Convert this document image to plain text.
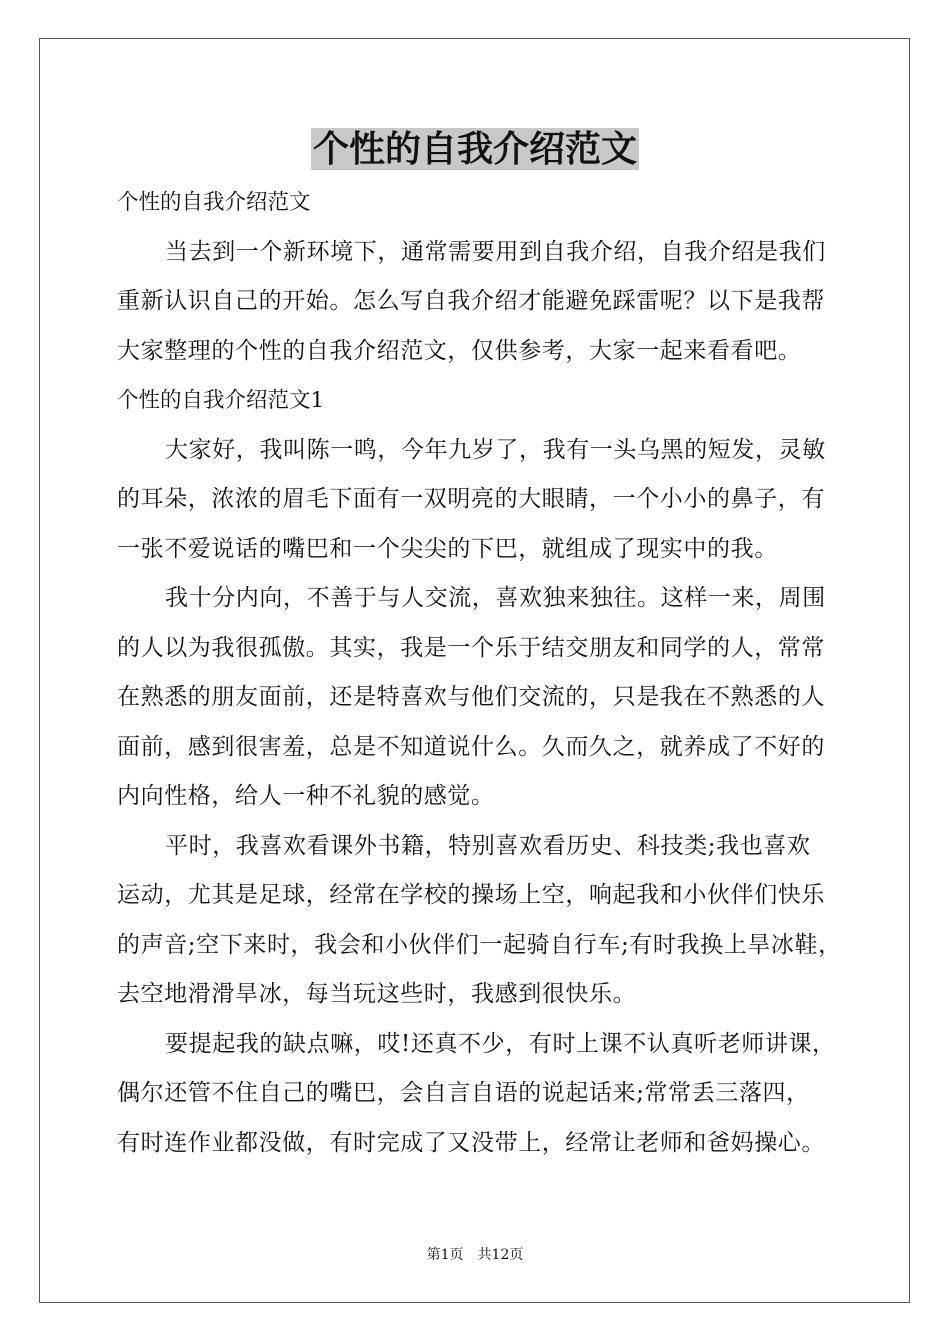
个性的自我介绍范文

个性的自我介绍范文

当去到一个新环境下，通常需要用到自我介绍，自我介绍是我们

重新认识自己的开始。怎么写自我介绍才能避免踩雷呢？以下是我帮

大家整理的个性的自我介绍范文，仅供参考，大家一起来看看吧。

个性的自我介绍范文1

大家好，我叫陈一鸣，今年九岁了，我有一头乌黑的短发，灵敏

的耳朵，浓浓的眉毛下面有一双明亮的大眼睛，一个小小的鼻子，有

一张不爱说话的嘴巴和一个尖尖的下巴，就组成了现实中的我。

我十分内向，不善于与人交流，喜欢独来独往。这样一来，周围

的人以为我很孤傲。其实，我是一个乐于结交朋友和同学的人，常常

在熟悉的朋友面前，还是特喜欢与他们交流的，只是我在不熟悉的人

面前，感到很害羞，总是不知道说什么。久而久之，就养成了不好的

内向性格，给人一种不礼貌的感觉。

平时，我喜欢看课外书籍，特别喜欢看历史、科技类;我也喜欢

运动，尤其是足球，经常在学校的操场上空，响起我和小伙伴们快乐

的声音;空下来时，我会和小伙伴们一起骑自行车;有时我换上旱冰鞋，

去空地滑滑旱冰，每当玩这些时，我感到很快乐。

要提起我的缺点嘛，哎!还真不少，有时上课不认真听老师讲课，

偶尔还管不住自己的嘴巴，会自言自语的说起话来;常常丢三落四，

有时连作业都没做，有时完成了又没带上，经常让老师和爸妈操心。

第1页　共12页
